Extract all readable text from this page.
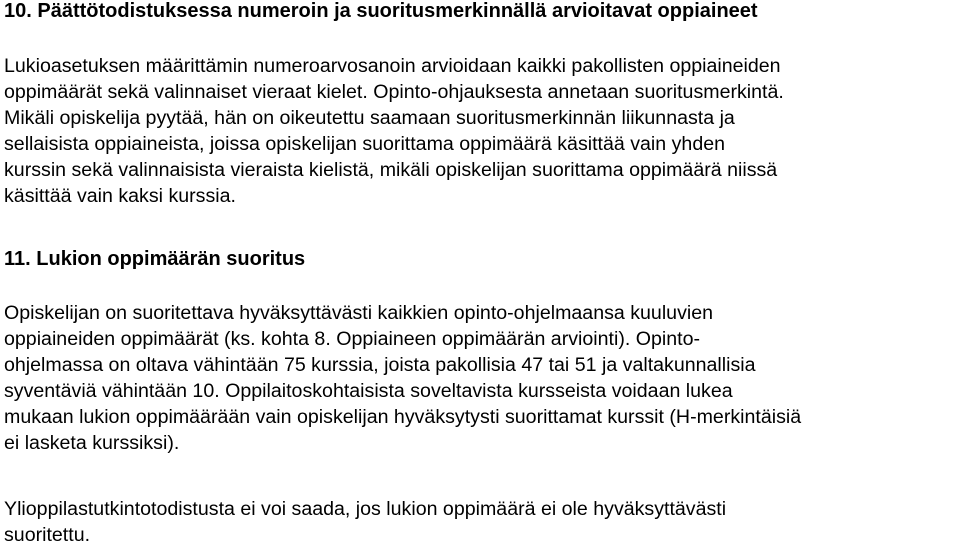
10. Päättötodistuksessa numeroin ja suoritusmerkinnällä arvioitavat oppiaineet

Lukioasetuksen määrittämin numeroarvosanoin arvioidaan kaikki pakollisten oppiaineiden
oppimäärät sekä valinnaiset vieraat kielet. Opinto-ohjauksesta annetaan suoritusmerkintä.
Mikäli opiskelija pyytää, hän on oikeutettu saamaan suoritusmerkinnän liikunnasta ja
sellaisista oppiaineista, joissa opiskelijan suorittama oppimäärä käsittää vain yhden
kurssin sekä valinnaisista vieraista kielistä, mikäli opiskelijan suorittama oppimäärä niissä
käsittää vain kaksi kurssia.

11. Lukion oppimäärän suoritus

Opiskelijan on suoritettava hyväksyttävästi kaikkien opinto-ohjelmaansa kuuluvien
oppiaineiden oppimäärät (ks. kohta 8. Oppiaineen oppimäärän arviointi). Opinto-
ohjelmassa on oltava vähintään 75 kurssia, joista pakollisia 47 tai 51 ja valtakunnallisia
syventäviä vähintään 10. Oppilaitoskohtaisista soveltavista kursseista voidaan lukea
mukaan lukion oppimäärään vain opiskelijan hyväksytysti suorittamat kurssit (H-merkintäisiä
ei lasketa kurssiksi).

Ylioppilastutkintotodistusta ei voi saada, jos lukion oppimäärä ei ole hyväksyttävästi
suoritettu.
